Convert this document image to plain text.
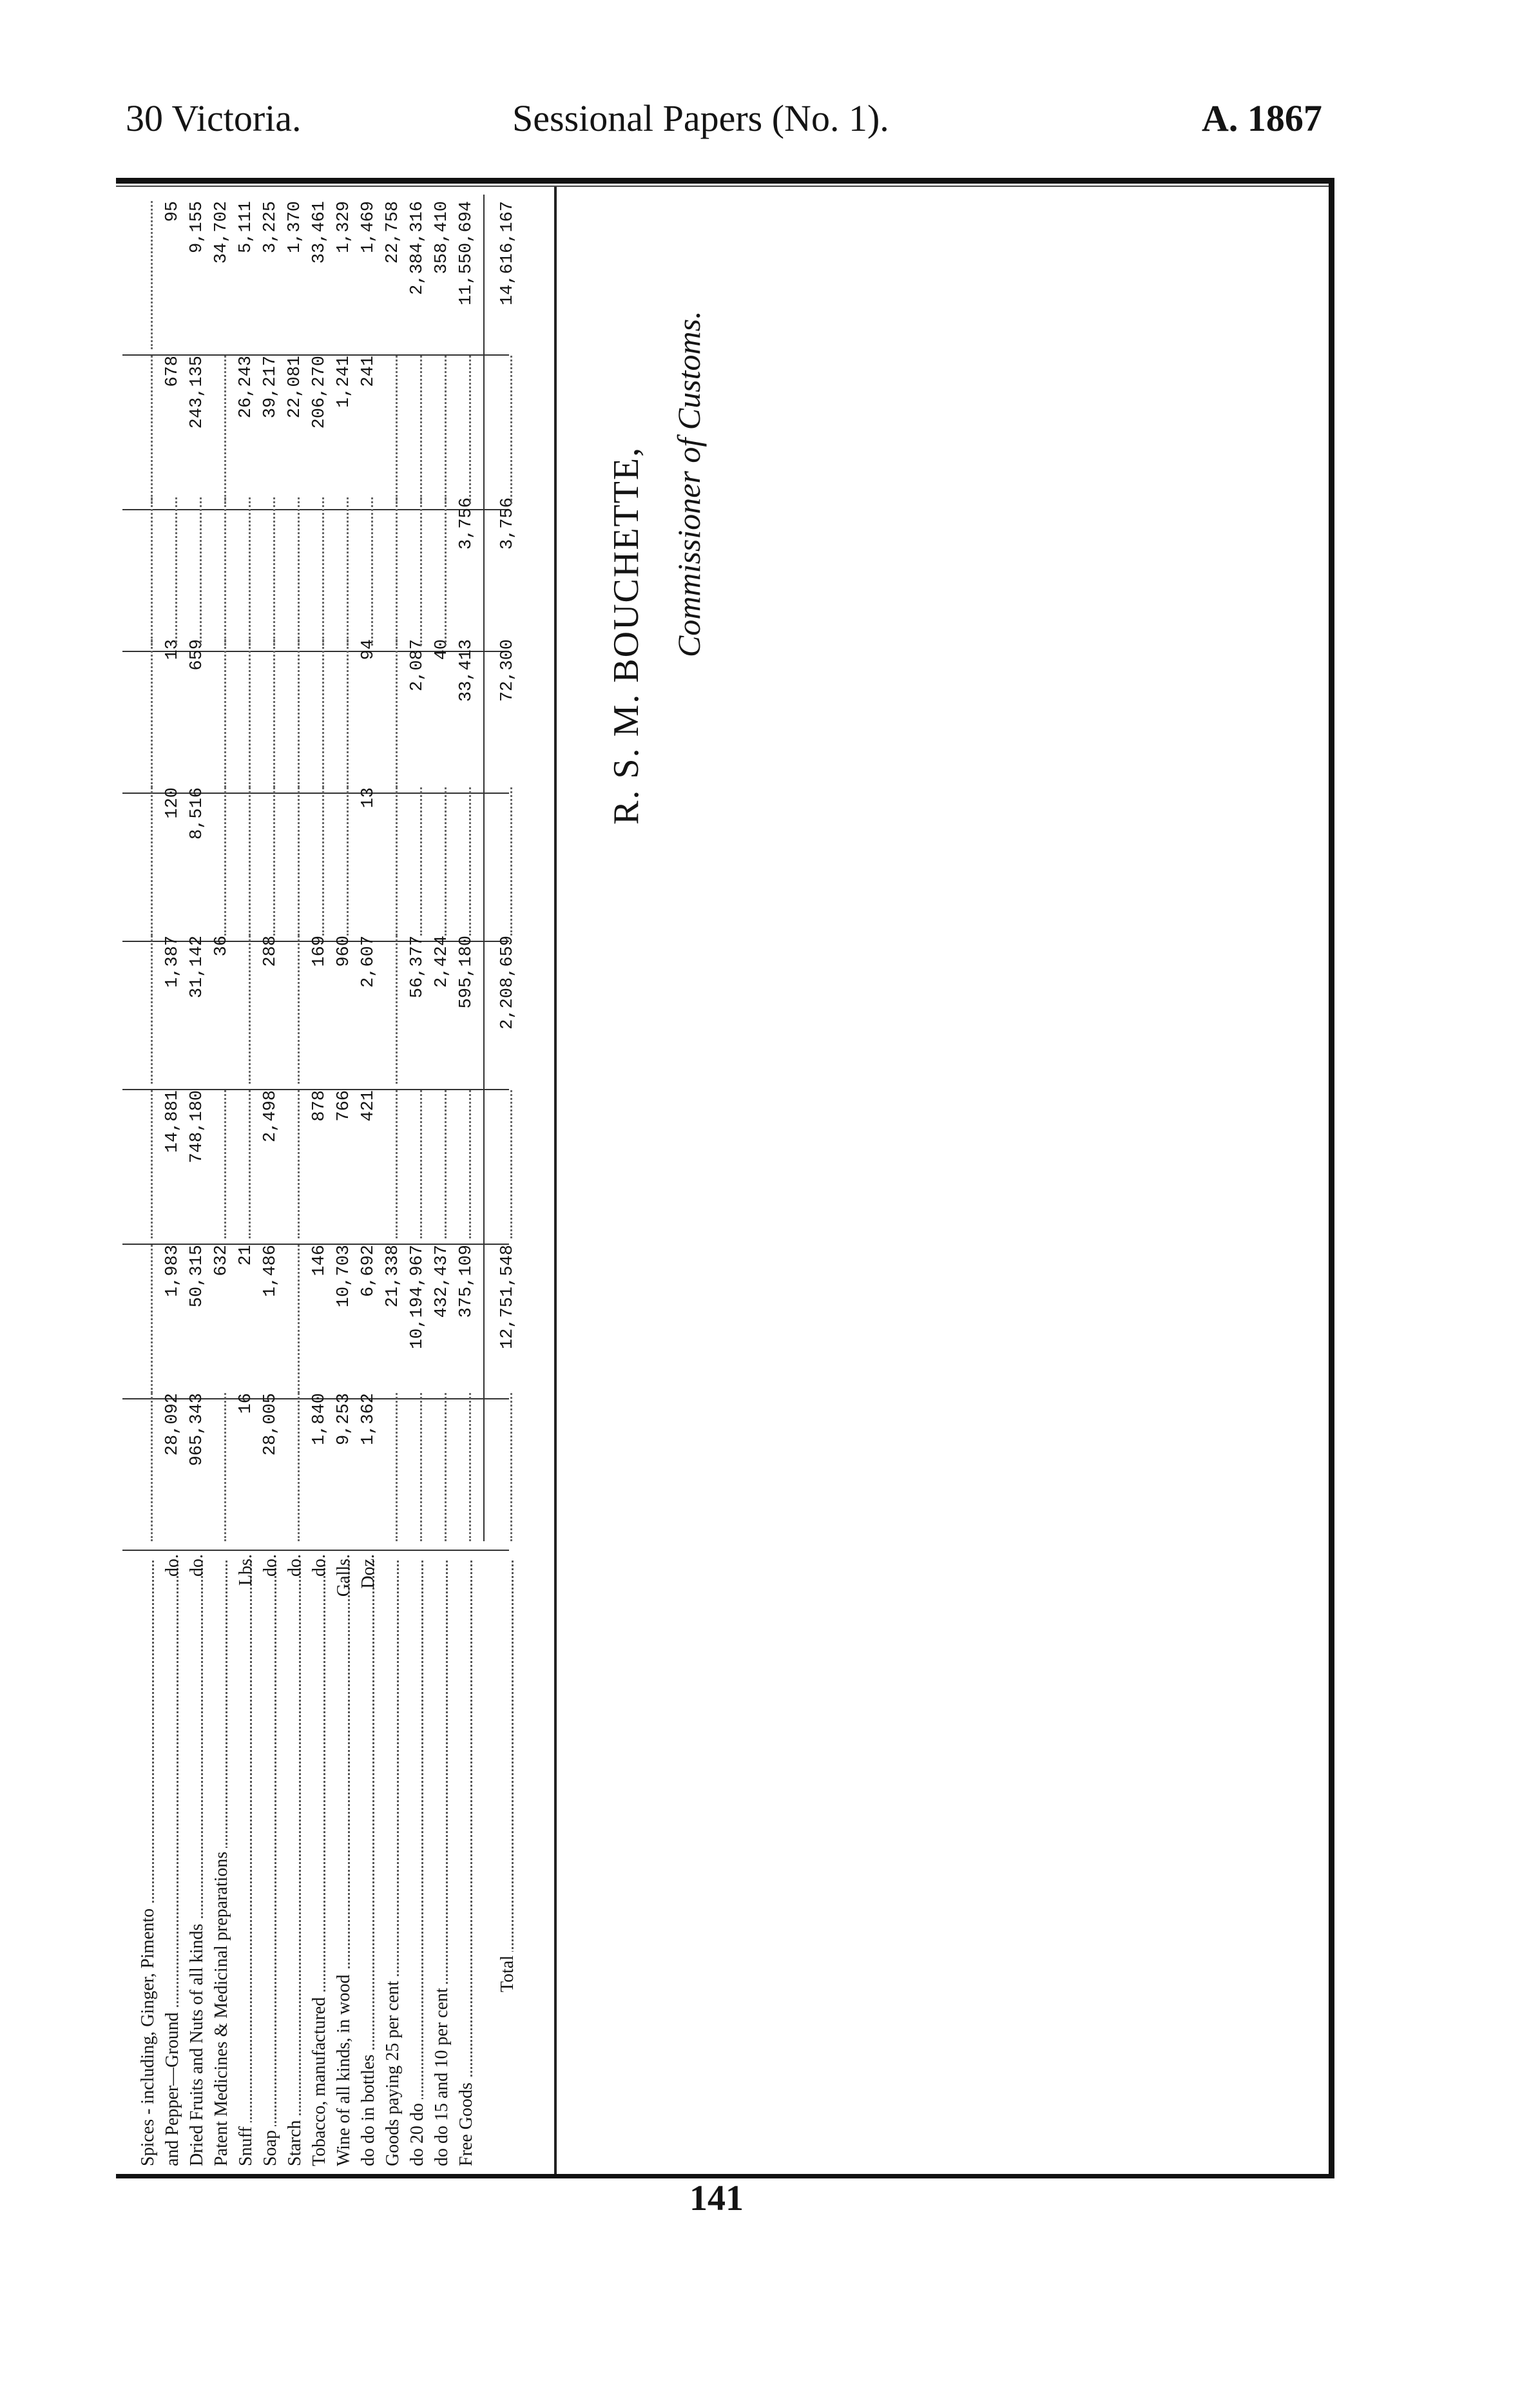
30 Victoria.	Sessional Papers (No. 1).	A. 1867
Spices - including, Ginger, Pimento and Pepper—Ground
do.
28,092
1,983
14,881
1,387
120
13
678
95
Dried Fruits and Nuts of all kinds
do.
965,343
50,315
748,180
31,142
8,516
659
243,135
9,155
Patent Medicines & Medicinal preparations
632
36
34,702
Snuff
Lbs.
16
21
26,243
5,111
Soap
do.
28,005
1,486
2,498
288
39,217
3,225
Starch
do.
22,081
1,370
Tobacco, manufactured
do.
1,840
146
878
169
206,270
33,461
Wine of all kinds, in wood
Galls.
9,253
10,703
766
960
1,241
1,329
do do in bottles
Doz.
1,362
6,692
421
2,607
13
94
241
1,469
Goods paying 25 per cent
21,338
22,758
do 20 do
10,194,967
56,377
2,087
2,384,316
do do 15 and 10 per cent
432,437
2,424
40
358,410
Free Goods
375,109
595,180
33,413
3,756
11,550,694
Total
12,751,548
2,208,659
72,300
3,756
14,616,167
R. S. M. BOUCHETTE, Commissioner of Customs.
141
